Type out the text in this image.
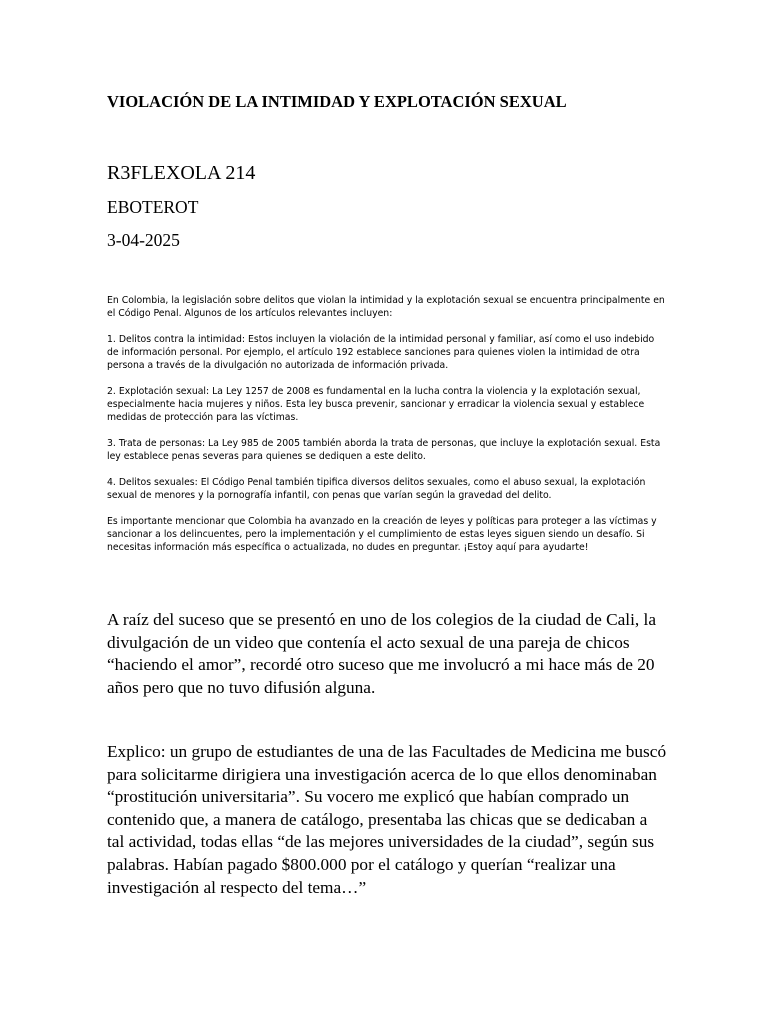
VIOLACIÓN DE LA INTIMIDAD Y EXPLOTACIÓN SEXUAL
R3FLEXOLA 214
EBOTEROT
3-04-2025

En Colombia, la legislación sobre delitos que violan la intimidad y la explotación sexual se encuentra principalmente en el Código Penal. Algunos de los artículos relevantes incluyen:

1. Delitos contra la intimidad: Estos incluyen la violación de la intimidad personal y familiar, así como el uso indebido de información personal. Por ejemplo, el artículo 192 establece sanciones para quienes violen la intimidad de otra persona a través de la divulgación no autorizada de información privada.

2. Explotación sexual: La Ley 1257 de 2008 es fundamental en la lucha contra la violencia y la explotación sexual, especialmente hacia mujeres y niños. Esta ley busca prevenir, sancionar y erradicar la violencia sexual y establece medidas de protección para las víctimas.

3. Trata de personas: La Ley 985 de 2005 también aborda la trata de personas, que incluye la explotación sexual. Esta ley establece penas severas para quienes se dediquen a este delito.

4. Delitos sexuales: El Código Penal también tipifica diversos delitos sexuales, como el abuso sexual, la explotación sexual de menores y la pornografía infantil, con penas que varían según la gravedad del delito.

Es importante mencionar que Colombia ha avanzado en la creación de leyes y políticas para proteger a las víctimas y sancionar a los delincuentes, pero la implementación y el cumplimiento de estas leyes siguen siendo un desafío. Si necesitas información más específica o actualizada, no dudes en preguntar. ¡Estoy aquí para ayudarte!

A raíz del suceso que se presentó en uno de los colegios de la ciudad de Cali, la divulgación de un video que contenía el acto sexual de una pareja de chicos “haciendo el amor”, recordé otro suceso que me involucró a mi hace más de 20 años pero que no tuvo difusión alguna.

Explico: un grupo de estudiantes de una de las Facultades de Medicina me buscó para solicitarme dirigiera una investigación acerca de lo que ellos denominaban “prostitución universitaria”. Su vocero me explicó que habían comprado un contenido que, a manera de catálogo, presentaba las chicas que se dedicaban a tal actividad, todas ellas “de las mejores universidades de la ciudad”, según sus palabras. Habían pagado $800.000 por el catálogo y querían “realizar una investigación al respecto del tema…”
